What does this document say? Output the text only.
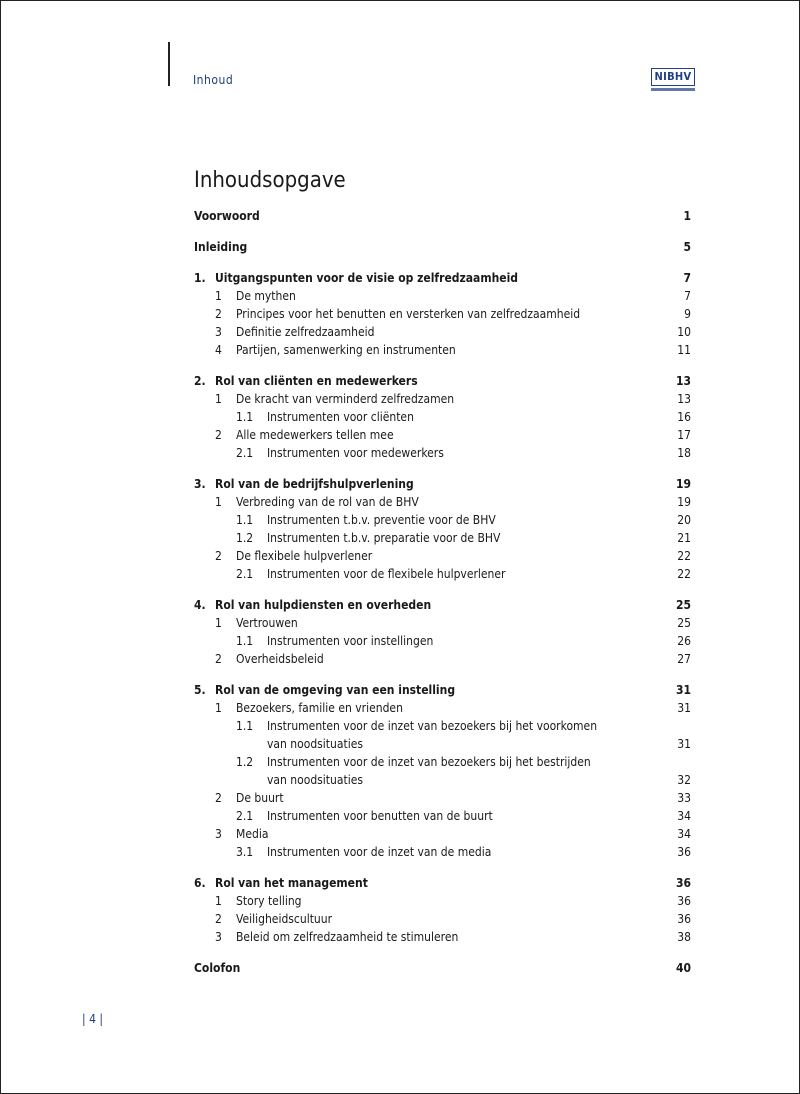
Inhoud	NIBHV
Inhoudsopgave
Voorwoord	1
Inleiding	5
1. Uitgangspunten voor de visie op zelfredzaamheid	7
1 De mythen	7
2 Principes voor het benutten en versterken van zelfredzaamheid	9
3 Definitie zelfredzaamheid	10
4 Partijen, samenwerking en instrumenten	11
2. Rol van cliënten en medewerkers	13
1 De kracht van verminderd zelfredzamen	13
1.1 Instrumenten voor cliënten	16
2 Alle medewerkers tellen mee	17
2.1 Instrumenten voor medewerkers	18
3. Rol van de bedrijfshulpverlening	19
1 Verbreding van de rol van de BHV	19
1.1 Instrumenten t.b.v. preventie voor de BHV	20
1.2 Instrumenten t.b.v. preparatie voor de BHV	21
2 De flexibele hulpverlener	22
2.1 Instrumenten voor de flexibele hulpverlener	22
4. Rol van hulpdiensten en overheden	25
1 Vertrouwen	25
1.1 Instrumenten voor instellingen	26
2 Overheidsbeleid	27
5. Rol van de omgeving van een instelling	31
1 Bezoekers, familie en vrienden	31
1.1 Instrumenten voor de inzet van bezoekers bij het voorkomen
van noodsituaties	31
1.2 Instrumenten voor de inzet van bezoekers bij het bestrijden
van noodsituaties	32
2 De buurt	33
2.1 Instrumenten voor benutten van de buurt	34
3 Media	34
3.1 Instrumenten voor de inzet van de media	36
6. Rol van het management	36
1 Story telling	36
2 Veiligheidscultuur	36
3 Beleid om zelfredzaamheid te stimuleren	38
Colofon	40
| 4 |
